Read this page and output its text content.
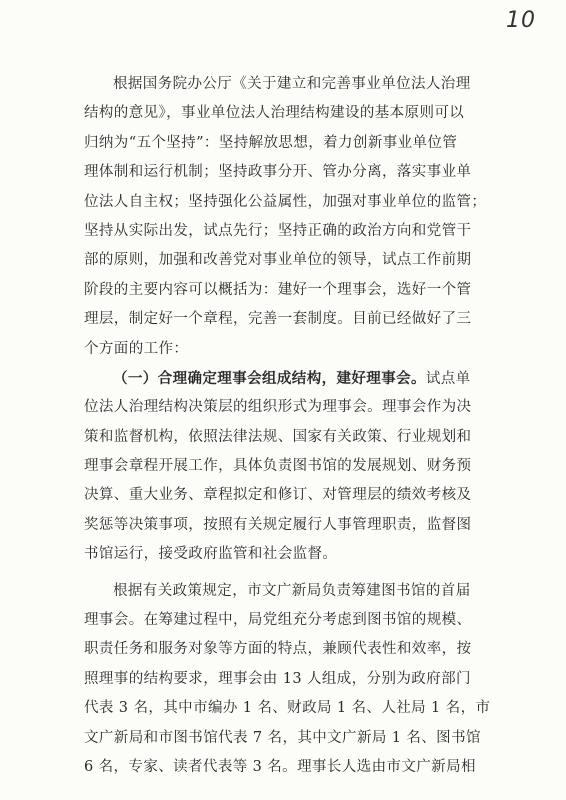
10
根据国务院办公厅《关于建立和完善事业单位法人治理
结构的意见》，事业单位法人治理结构建设的基本原则可以
归纳为“五个坚持”：坚持解放思想，着力创新事业单位管
理体制和运行机制；坚持政事分开、管办分离，落实事业单
位法人自主权；坚持强化公益属性，加强对事业单位的监管；
坚持从实际出发，试点先行；坚持正确的政治方向和党管干
部的原则，加强和改善党对事业单位的领导，试点工作前期
阶段的主要内容可以概括为：建好一个理事会，选好一个管
理层，制定好一个章程，完善一套制度。目前已经做好了三
个方面的工作：
（一）合理确定理事会组成结构，建好理事会。试点单
位法人治理结构决策层的组织形式为理事会。理事会作为决
策和监督机构，依照法律法规、国家有关政策、行业规划和
理事会章程开展工作，具体负责图书馆的发展规划、财务预
决算、重大业务、章程拟定和修订、对管理层的绩效考核及
奖惩等决策事项，按照有关规定履行人事管理职责，监督图
书馆运行，接受政府监管和社会监督。
根据有关政策规定，市文广新局负责筹建图书馆的首届
理事会。在筹建过程中，局党组充分考虑到图书馆的规模、
职责任务和服务对象等方面的特点，兼顾代表性和效率，按
照理事的结构要求，理事会由 13 人组成，分别为政府部门
代表 3 名，其中市编办 1 名、财政局 1 名、人社局 1 名，市
文广新局和市图书馆代表 7 名，其中文广新局 1 名、图书馆
6 名，专家、读者代表等 3 名。理事长人选由市文广新局相
